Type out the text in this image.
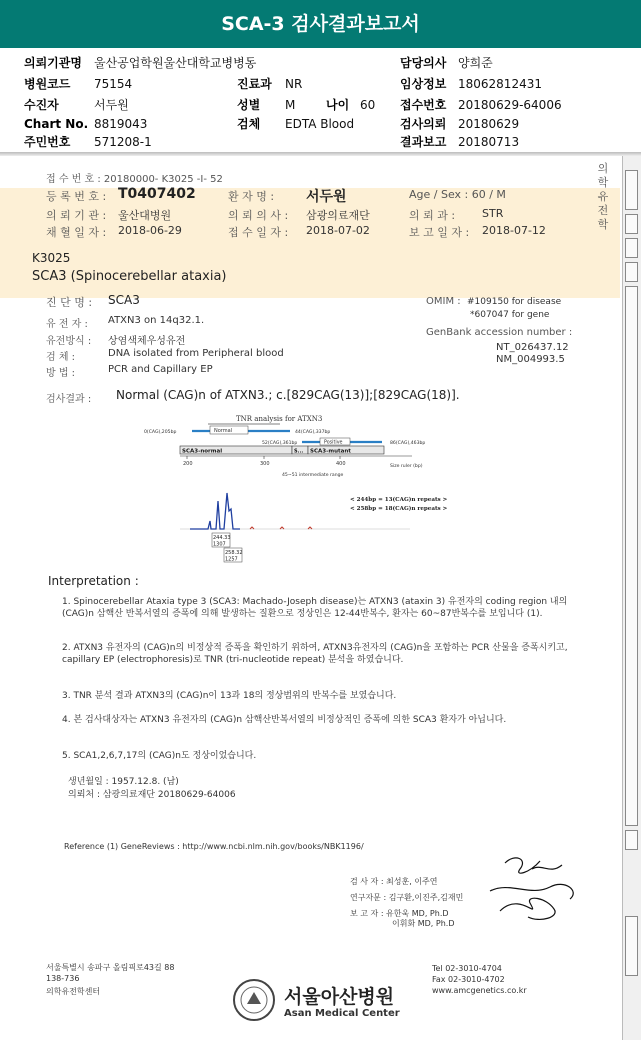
SCA-3 검사결과보고서
의뢰기관명 울산공업학원울산대학교병병동	담당의사 양희준
병원코드 75154	진료과 NR	임상정보 18062812431
수진자	서두원	성별 M	나이 60 접수번호 20180629-64006
Chart No. 8819043	검체 EDTA Blood	검사의뢰 20180629
주민번호 571208-1	결과보고 20180713
의
학
유
전
학
접 수 번 호 : 20180000- K3025 -I- 52
등 록 번 호 : T0407402	환 자 명 : 서두원	Age / Sex : 60 / M
의 뢰 기 관 : 울산대병원	의 뢰 의 사 : 삼광의료재단	의 뢰 과 : STR
채 혈 일 자 : 2018-06-29	접 수 일 자 : 2018-07-02	보 고 일 자 : 2018-07-12
K3025
SCA3 (Spinocerebellar ataxia)
진 단 명 : SCA3
유 전 자 : ATXN3 on 14q32.1.
유전방식 : 상염색체우성유전
검 체 :	DNA isolated from Peripheral blood
방 법 :	PCR and Capillary EP
OMIM : #109150 for disease
*607047 for gene
GenBank accession number :
NT_026437.12
NM_004993.5
검사결과 : Normal (CAG)n of ATXN3.; c.[829CAG(13)];[829CAG(18)].
TNR analysis for ATXN3
0(CAG),205bp	Normal	44(CAG),337bp
52(CAG),361bp	Positive	86(CAG),463bp
SCA3-normal	S... SCA3-mutant
200	300	400	Size ruler (bp)
45~51 intermediate range
< 244bp = 13(CAG)n repeats >
< 258bp = 18(CAG)n repeats >
244.33
1307
258.32
1257
Interpretation :
1. Spinocerebellar Ataxia type 3 (SCA3: Machado-Joseph disease)는 ATXN3 (ataxin 3) 유전자의 coding region 내의 (CAG)n 삼핵산 반복서열의 증폭에 의해 발생하는 질환으로 정상인은 12-44반복수, 환자는 60~87반복수를 보입니다 (1).
2. ATXN3 유전자의 (CAG)n의 비정상적 증폭을 확인하기 위하여, ATXN3유전자의 (CAG)n을 포함하는 PCR 산물을 증폭시키고, capillary EP (electrophoresis)로 TNR (tri-nucleotide repeat) 분석을 하였습니다.
3. TNR 분석 결과 ATXN3의 (CAG)n이 13과 18의 정상범위의 반복수를 보였습니다.
4. 본 검사대상자는 ATXN3 유전자의 (CAG)n 삼핵산반복서열의 비정상적인 증폭에 의한 SCA3 환자가 아닙니다.
5. SCA1,2,6,7,17의 (CAG)n도 정상이었습니다.
생년월일 : 1957.12.8. (남)
의뢰처 : 삼광의료재단 20180629-64006
Reference (1) GeneReviews : http://www.ncbi.nlm.nih.gov/books/NBK1196/
검 사 자 : 최성훈, 이주연
연구자문 : 김구환,이진주,김재민
보 고 자 : 유한욱 MD, Ph.D
이휘화 MD, Ph.D
서울특별시 송파구 올림픽로43길 88
138-736
의학유전학센터	서울아산병원
Asan Medical Center
Tel 02-3010-4704
Fax 02-3010-4702
www.amcgenetics.co.kr
